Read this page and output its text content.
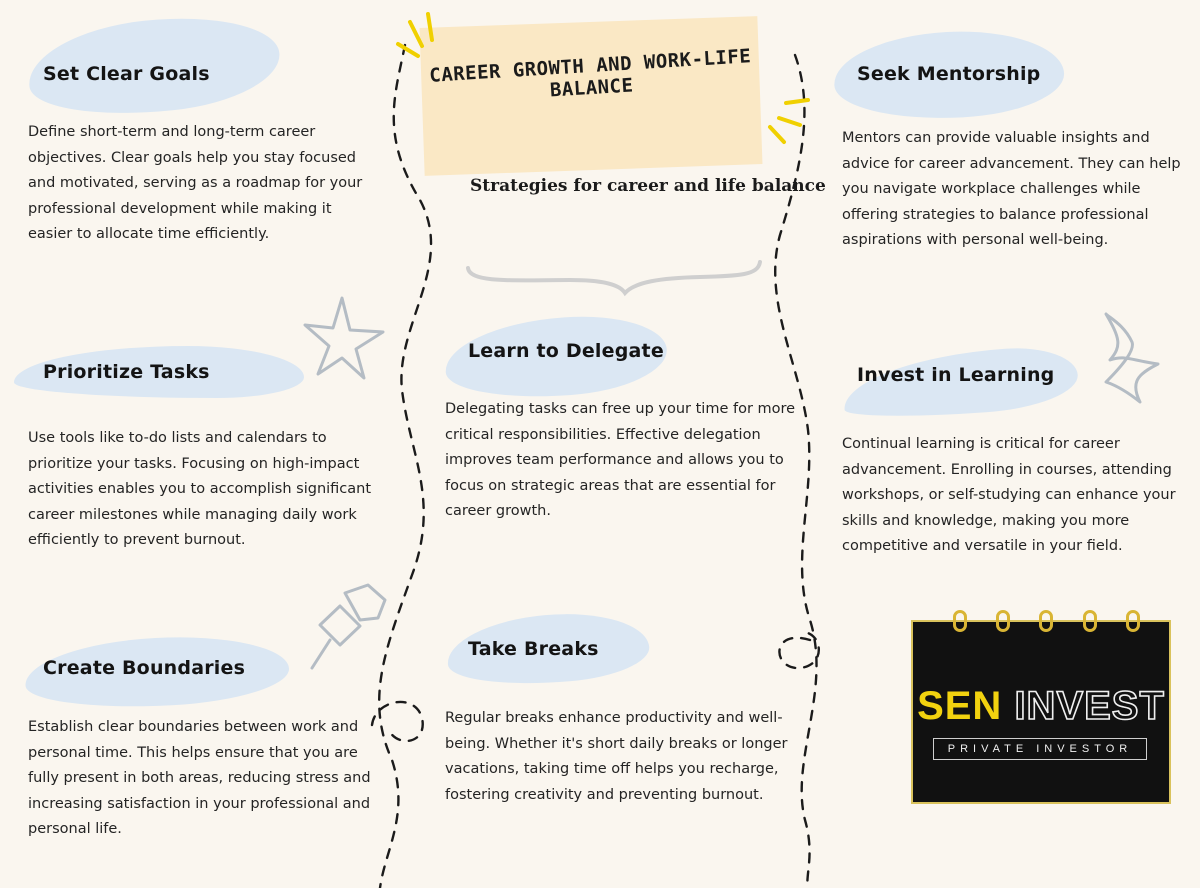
CAREER GROWTH AND WORK-LIFE BALANCE

Strategies for career and life balance

Set Clear Goals

Define short-term and long-term career objectives. Clear goals help you stay focused and motivated, serving as a roadmap for your professional development while making it easier to allocate time efficiently.

Prioritize Tasks

Use tools like to-do lists and calendars to prioritize your tasks. Focusing on high-impact activities enables you to accomplish significant career milestones while managing daily work efficiently to prevent burnout.

Create Boundaries

Establish clear boundaries between work and personal time. This helps ensure that you are fully present in both areas, reducing stress and increasing satisfaction in your professional and personal life.

Learn to Delegate

Delegating tasks can free up your time for more critical responsibilities. Effective delegation improves team performance and allows you to focus on strategic areas that are essential for career growth.

Take Breaks

Regular breaks enhance productivity and well-being. Whether it's short daily breaks or longer vacations, taking time off helps you recharge, fostering creativity and preventing burnout.

Seek Mentorship

Mentors can provide valuable insights and advice for career advancement. They can help you navigate workplace challenges while offering strategies to balance professional aspirations with personal well-being.

Invest in Learning

Continual learning is critical for career advancement. Enrolling in courses, attending workshops, or self-studying can enhance your skills and knowledge, making you more competitive and versatile in your field.

SEN INVEST
PRIVATE INVESTOR
